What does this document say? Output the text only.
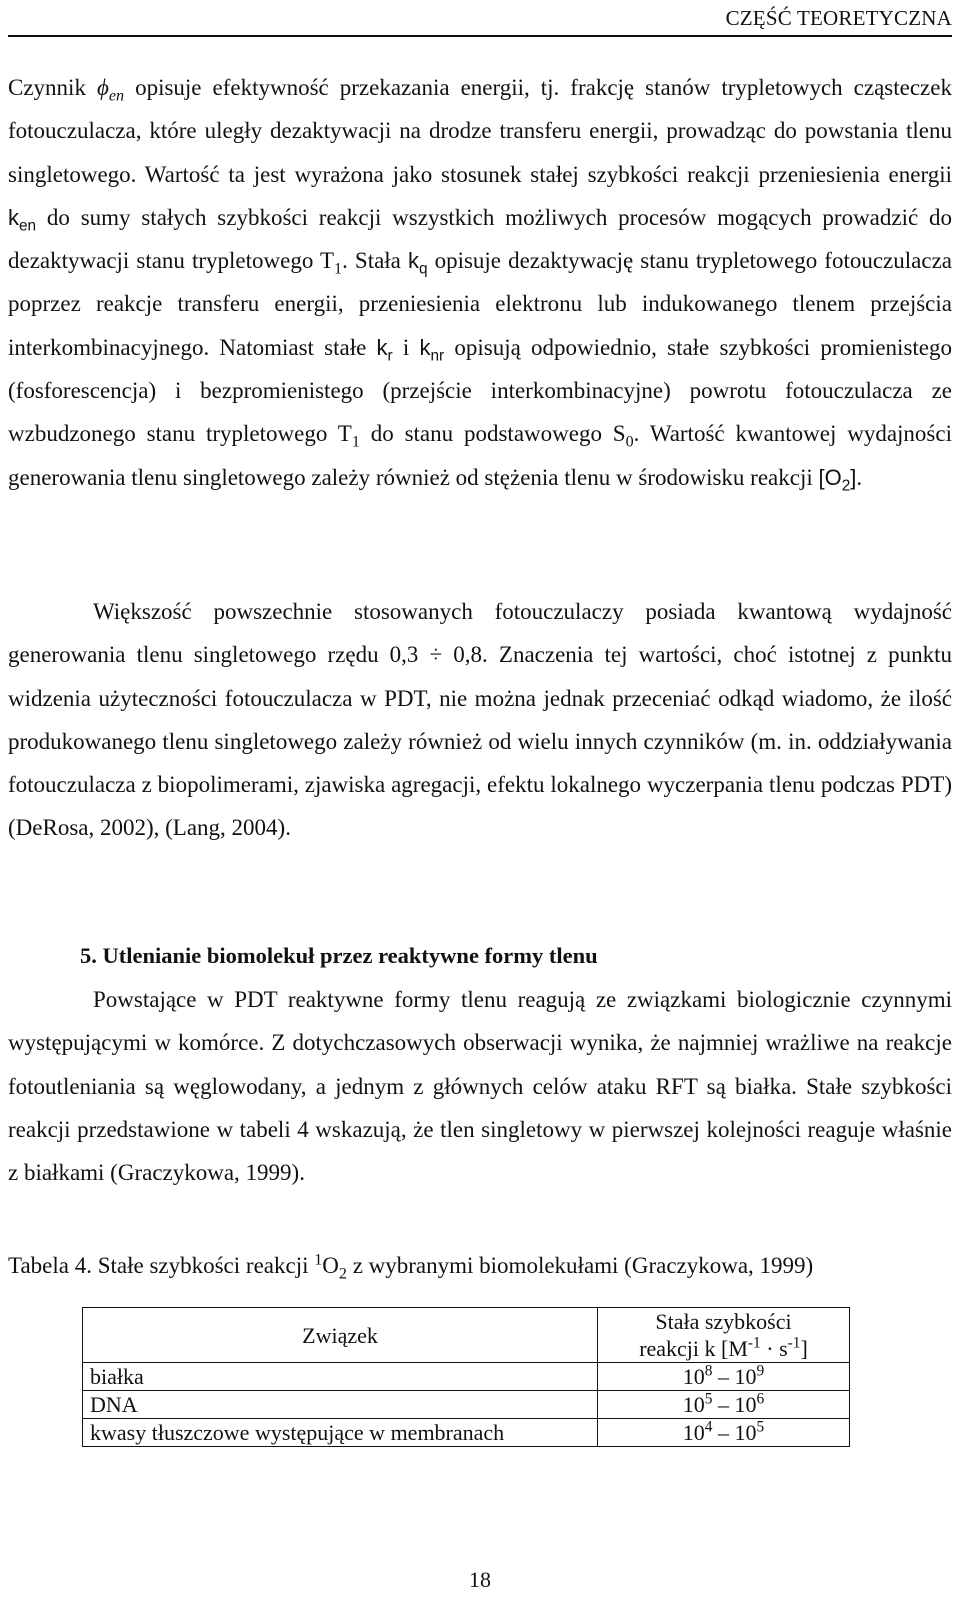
CZĘŚĆ TEORETYCZNA

Czynnik $\phi_{en}$ opisuje efektywność przekazania energii, tj. frakcję stanów trypletowych cząsteczek fotouczulacza, które uległy dezaktywacji na drodze transferu energii, prowadząc do powstania tlenu singletowego. Wartość ta jest wyrażona jako stosunek stałej szybkości reakcji przeniesienia energii $k_{en}$ do sumy stałych szybkości reakcji wszystkich możliwych procesów mogących prowadzić do dezaktywacji stanu trypletowego $T_1$. Stała $k_q$ opisuje dezaktywację stanu trypletowego fotouczulacza poprzez reakcje transferu energii, przeniesienia elektronu lub indukowanego tlenem przejścia interkombinacyjnego. Natomiast stałe $k_r$ i $k_{nr}$ opisują odpowiednio, stałe szybkości promienistego (fosforescencja) i bezpromienistego (przejście interkombinacyjne) powrotu fotouczulacza ze wzbudzonego stanu trypletowego $T_1$ do stanu podstawowego $S_0$. Wartość kwantowej wydajności generowania tlenu singletowego zależy również od stężenia tlenu w środowisku reakcji $[O_2]$.

Większość powszechnie stosowanych fotouczulaczy posiada kwantową wydajność generowania tlenu singletowego rzędu 0,3 ÷ 0,8. Znaczenia tej wartości, choć istotnej z punktu widzenia użyteczności fotouczulacza w PDT, nie można jednak przeceniać odkąd wiadomo, że ilość produkowanego tlenu singletowego zależy również od wielu innych czynników (m. in. oddziaływania fotouczulacza z biopolimerami, zjawiska agregacji, efektu lokalnego wyczerpania tlenu podczas PDT) (DeRosa, 2002), (Lang, 2004).

5. Utlenianie biomolekuł przez reaktywne formy tlenu

Powstające w PDT reaktywne formy tlenu reagują ze związkami biologicznie czynnymi występującymi w komórce. Z dotychczasowych obserwacji wynika, że najmniej wrażliwe na reakcje fotoutleniania są węglowodany, a jednym z głównych celów ataku RFT są białka. Stałe szybkości reakcji przedstawione w tabeli 4 wskazują, że tlen singletowy w pierwszej kolejności reaguje właśnie z białkami (Graczykowa, 1999).

Tabela 4. Stałe szybkości reakcji $^1O_2$ z wybranymi biomolekułami (Graczykowa, 1999)

Związek	Stała szybkości
reakcji k $[M^{-1} \cdot s^{-1}]$
białka	$10^8 - 10^9$
DNA	$10^5 - 10^6$
kwasy tłuszczowe występujące w membranach	$10^4 - 10^5$
18
